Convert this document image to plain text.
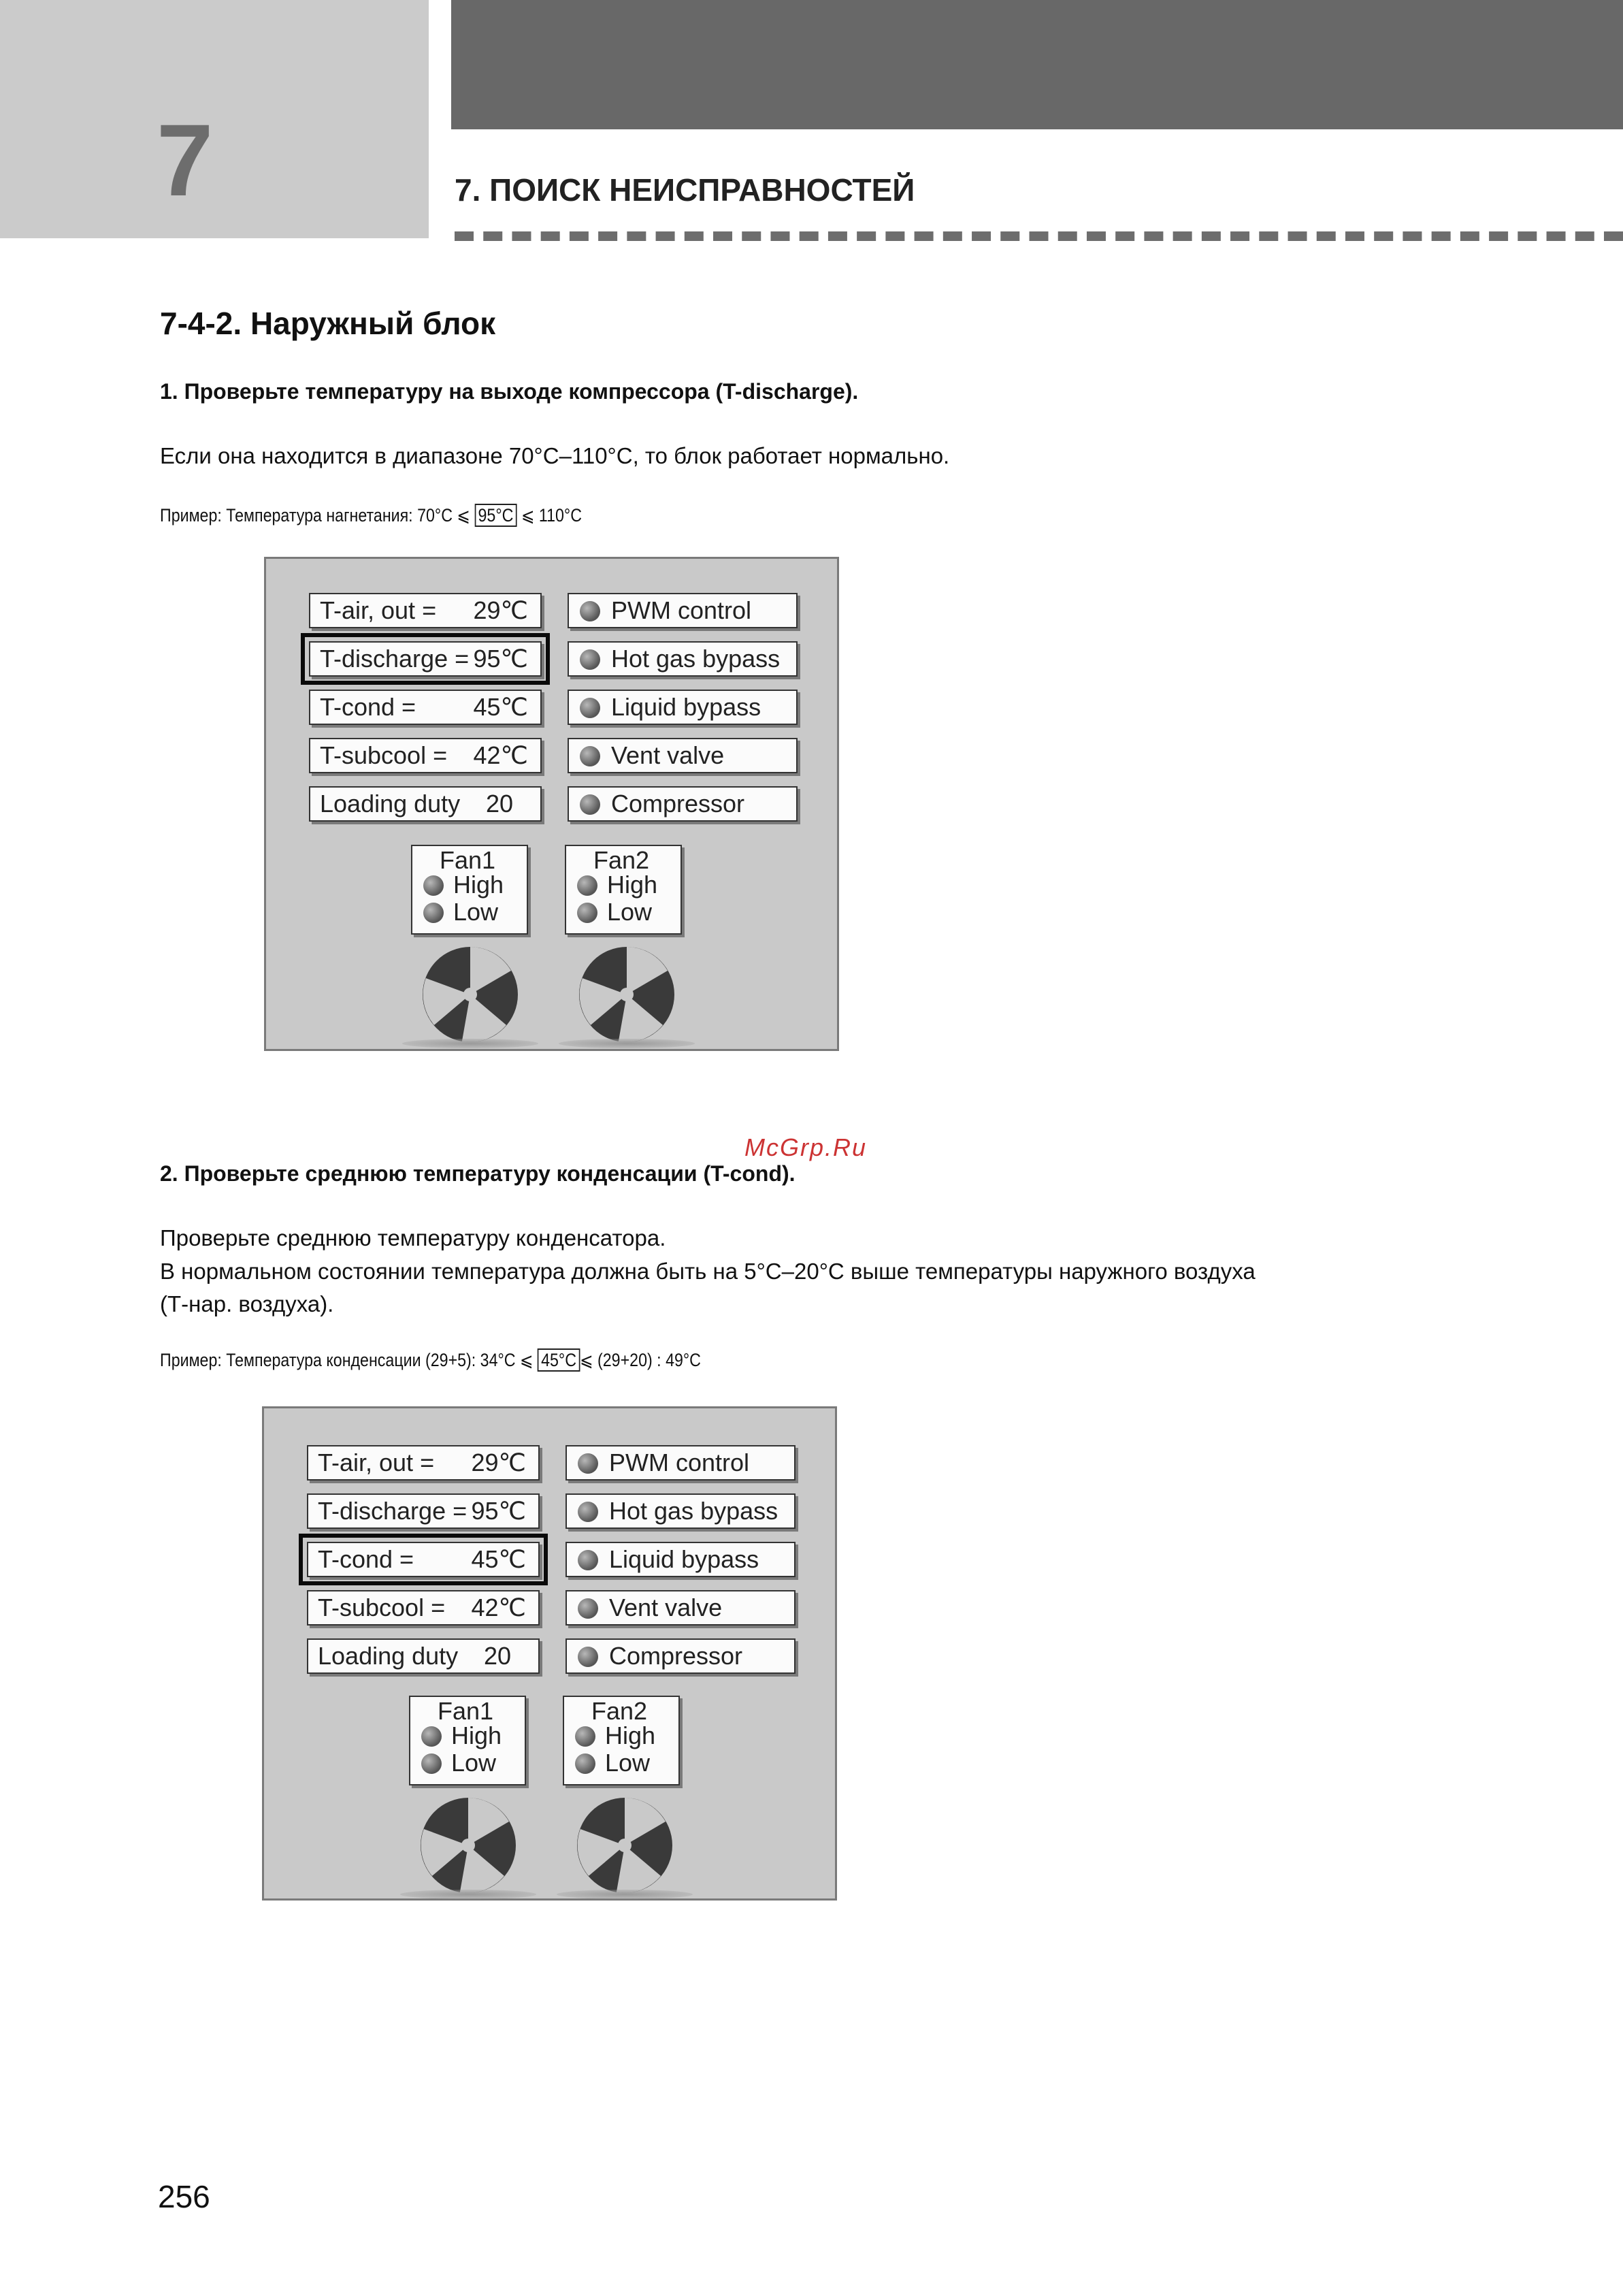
7	7. ПОИСК НЕИСПРАВНОСТЕЙ
7-4-2. Наружный блок
1. Проверьте температуру на выходе компрессора (T-discharge).
Если она находится в диапазоне 70°C–110°C, то блок работает нормально.
Пример: Температура нагнетания: 70°C ⩽ 95°C ⩽ 110°C
T-air, out = 29℃
T-discharge = 95℃
T-cond = 45℃
T-subcool = 42℃
Loading duty 20
PWM control
Hot gas bypass
Liquid bypass
Vent valve
Compressor
Fan1
High
Low
Fan2
High
Low
McGrp.Ru
2. Проверьте среднюю температуру конденсации (T-cond).
Проверьте среднюю температуру конденсатора.
В нормальном состоянии температура должна быть на 5°C–20°C выше температуры наружного воздуха
(Т-нар. воздуха).
Пример: Температура конденсации (29+5): 34°C ⩽ 45°C ⩽ (29+20) : 49°C
T-air, out = 29℃
T-discharge = 95℃
T-cond = 45℃
T-subcool = 42℃
Loading duty 20
PWM control
Hot gas bypass
Liquid bypass
Vent valve
Compressor
Fan1
High
Low
Fan2
High
Low
256
